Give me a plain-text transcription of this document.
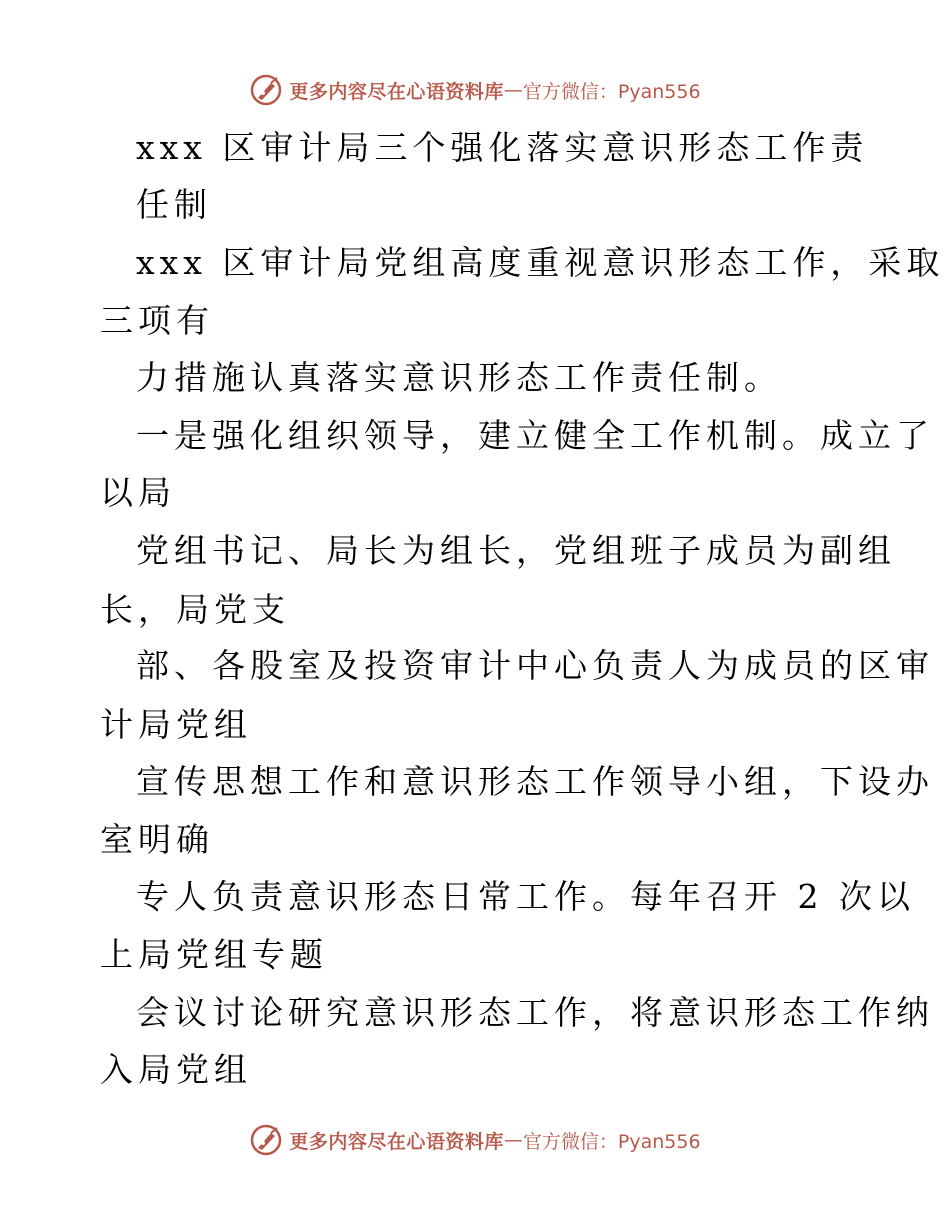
更多内容尽在心语资料库 — 官方微信：Pyan556
xxx 区审计局三个强化落实意识形态工作责
任制
xxx 区审计局党组高度重视意识形态工作，采取
三项有
力措施认真落实意识形态工作责任制。
一是强化组织领导，建立健全工作机制。成立了
以局
党组书记、局长为组长，党组班子成员为副组
长，局党支
部、各股室及投资审计中心负责人为成员的区审
计局党组
宣传思想工作和意识形态工作领导小组，下设办
室明确
专人负责意识形态日常工作。每年召开 2 次以
上局党组专题
会议讨论研究意识形态工作，将意识形态工作纳
入局党组
更多内容尽在心语资料库 — 官方微信：Pyan556
